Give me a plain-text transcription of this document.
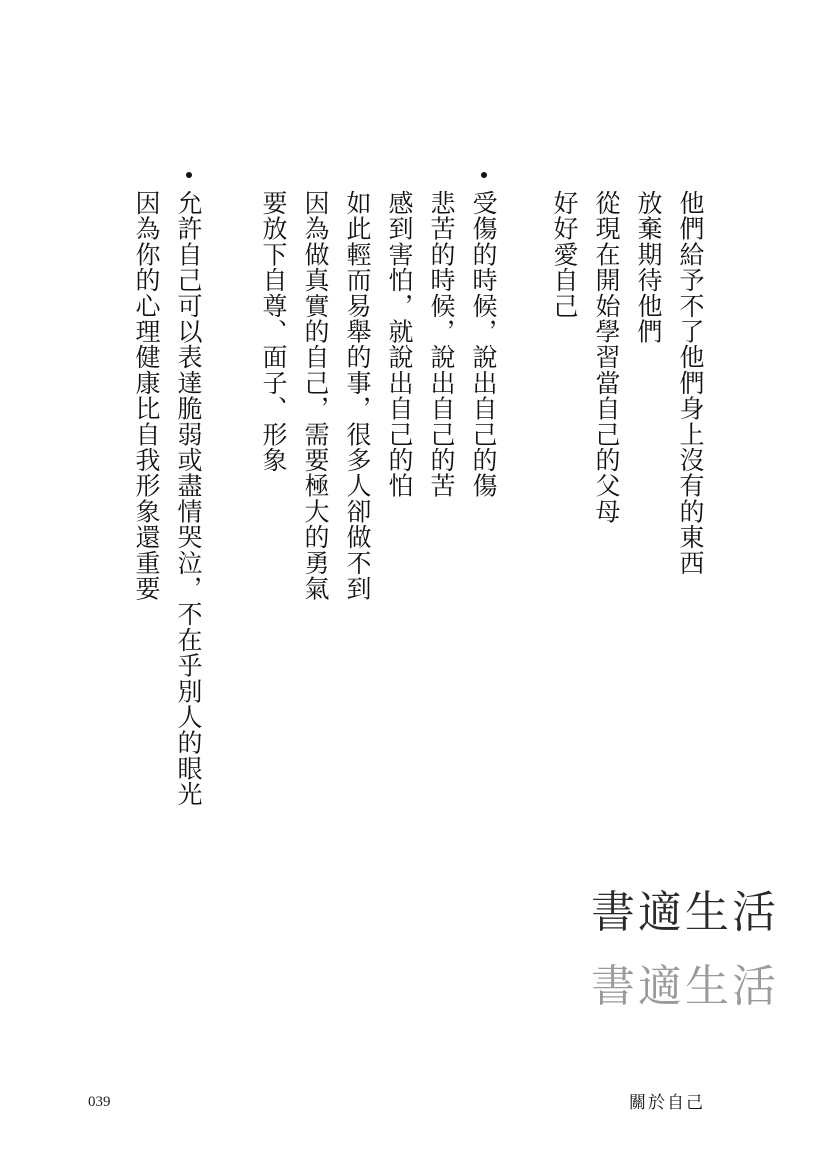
他們給予不了他們身上沒有的東西

放棄期待他們

從現在開始學習當自己的父母

好好愛自己

受傷的時候，說出自己的傷

悲苦的時候，說出自己的苦

感到害怕，就說出自己的怕

如此輕而易舉的事，很多人卻做不到

因為做真實的自己，需要極大的勇氣

要放下自尊、面子、形象

允許自己可以表達脆弱或盡情哭泣，不在乎別人的眼光

因為你的心理健康比自我形象還重要

書適生活
書適生活
039	關於自己
